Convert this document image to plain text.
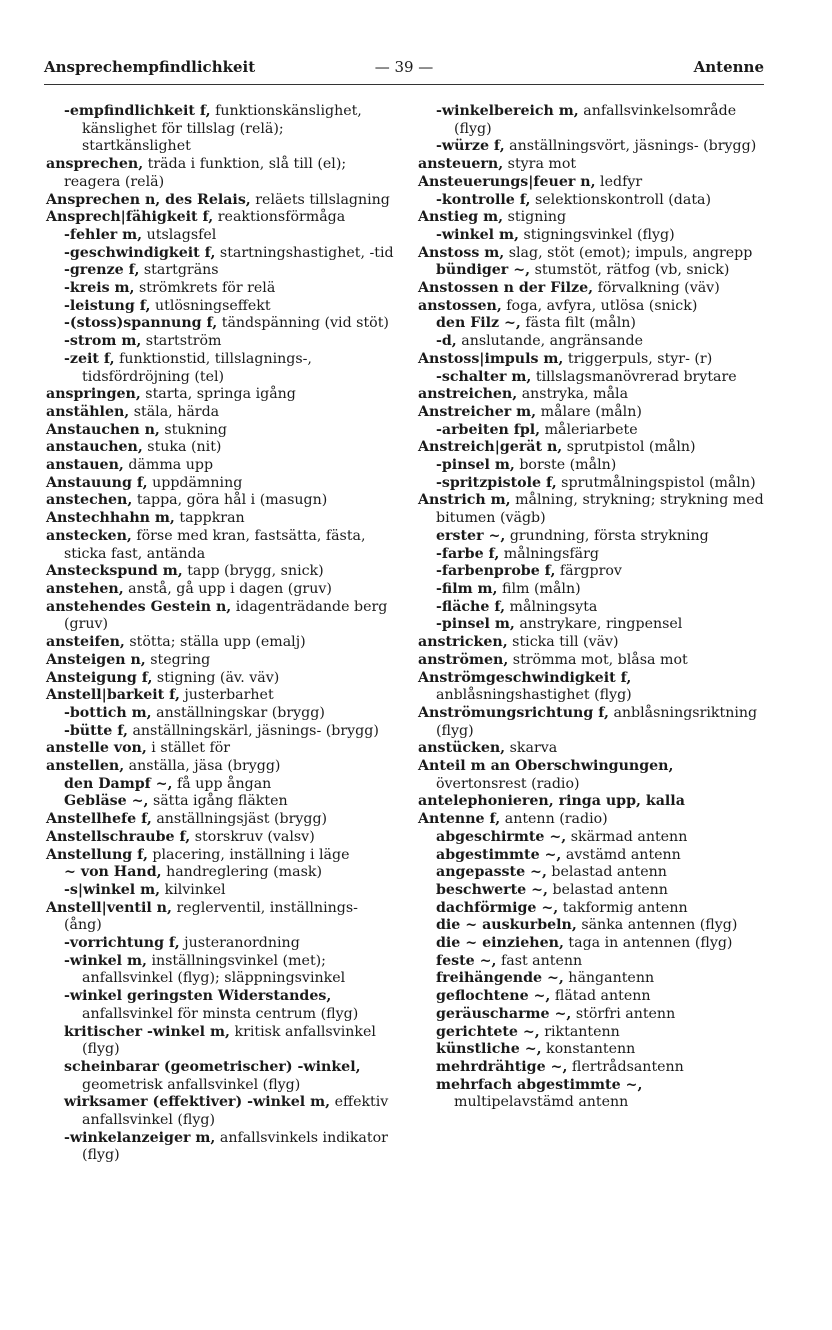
Ansprechempfindlichkeit	— 39 —	Antenne

-empfindlichkeit f, funktionskänslighet, känslighet för tillslag (relä); startkänslighet

ansprechen, träda i funktion, slå till (el); reagera (relä)

Ansprechen n, des Relais, reläets tillslagning

Ansprech|fähigkeit f, reaktionsförmåga

-fehler m, utslagsfel

-geschwindigkeit f, startningshastighet, -tid

-grenze f, startgräns

-kreis m, strömkrets för relä

-leistung f, utlösningseffekt

-(stoss)spannung f, tändspänning (vid stöt)

-strom m, startström

-zeit f, funktionstid, tillslagnings-, tidsfördröjning (tel)

anspringen, starta, springa igång

anstählen, stäla, härda

Anstauchen n, stukning

anstauchen, stuka (nit)

anstauen, dämma upp

Anstauung f, uppdämning

anstechen, tappa, göra hål i (masugn)

Anstechhahn m, tappkran

anstecken, förse med kran, fastsätta, fästa, sticka fast, antända

Ansteckspund m, tapp (brygg, snick)

anstehen, anstå, gå upp i dagen (gruv)

anstehendes Gestein n, idagenträdande berg (gruv)

ansteifen, stötta; ställa upp (emalj)

Ansteigen n, stegring

Ansteigung f, stigning (äv. väv)

Anstell|barkeit f, justerbarhet

-bottich m, anställningskar (brygg)

-bütte f, anställningskärl, jäsnings- (brygg)

anstelle von, i stället för

anstellen, anställa, jäsa (brygg)

den Dampf ~, få upp ångan

Gebläse ~, sätta igång fläkten

Anstellhefe f, anställningsjäst (brygg)

Anstellschraube f, storskruv (valsv)

Anstellung f, placering, inställning i läge

~ von Hand, handreglering (mask)

-s|winkel m, kilvinkel

Anstell|ventil n, reglerventil, inställnings- (ång)

-vorrichtung f, justeranordning

-winkel m, inställningsvinkel (met); anfallsvinkel (flyg); släppningsvinkel

-winkel geringsten Widerstandes, anfallsvinkel för minsta centrum (flyg)

kritischer -winkel m, kritisk anfallsvinkel (flyg)

scheinbarar (geometrischer) -winkel, geometrisk anfallsvinkel (flyg)

wirksamer (effektiver) -winkel m, effektiv anfallsvinkel (flyg)

-winkelanzeiger m, anfallsvinkels indikator (flyg)

-winkelbereich m, anfallsvinkelsområde (flyg)

-würze f, anställningsvört, jäsnings- (brygg)

ansteuern, styra mot

Ansteuerungs|feuer n, ledfyr

-kontrolle f, selektionskontroll (data)

Anstieg m, stigning

-winkel m, stigningsvinkel (flyg)

Anstoss m, slag, stöt (emot); impuls, angrepp

bündiger ~, stumstöt, rätfog (vb, snick)

Anstossen n der Filze, förvalkning (väv)

anstossen, foga, avfyra, utlösa (snick)

den Filz ~, fästa filt (måln)

-d, anslutande, angränsande

Anstoss|impuls m, triggerpuls, styr- (r)

-schalter m, tillslagsmanövrerad brytare

anstreichen, anstryka, måla

Anstreicher m, målare (måln)

-arbeiten fpl, måleriarbete

Anstreich|gerät n, sprutpistol (måln)

-pinsel m, borste (måln)

-spritzpistole f, sprutmålningspistol (måln)

Anstrich m, målning, strykning; strykning med bitumen (vägb)

erster ~, grundning, första strykning

-farbe f, målningsfärg

-farbenprobe f, färgprov

-film m, film (måln)

-fläche f, målningsyta

-pinsel m, anstrykare, ringpensel

anstricken, sticka till (väv)

anströmen, strömma mot, blåsa mot

Anströmgeschwindigkeit f, anblåsningshastighet (flyg)

Anströmungsrichtung f, anblåsningsriktning (flyg)

anstücken, skarva

Anteil m an Oberschwingungen, övertonsrest (radio)

antelephonieren, ringa upp, kalla

Antenne f, antenn (radio)

abgeschirmte ~, skärmad antenn

abgestimmte ~, avstämd antenn

angepasste ~, belastad antenn

beschwerte ~, belastad antenn

dachförmige ~, takformig antenn

die ~ auskurbeln, sänka antennen (flyg)

die ~ einziehen, taga in antennen (flyg)

feste ~, fast antenn

freihängende ~, hängantenn

geflochtene ~, flätad antenn

geräuscharme ~, störfri antenn

gerichtete ~, riktantenn

künstliche ~, konstantenn

mehrdrähtige ~, flertrådsantenn

mehrfach abgestimmte ~, multipelavstämd antenn
